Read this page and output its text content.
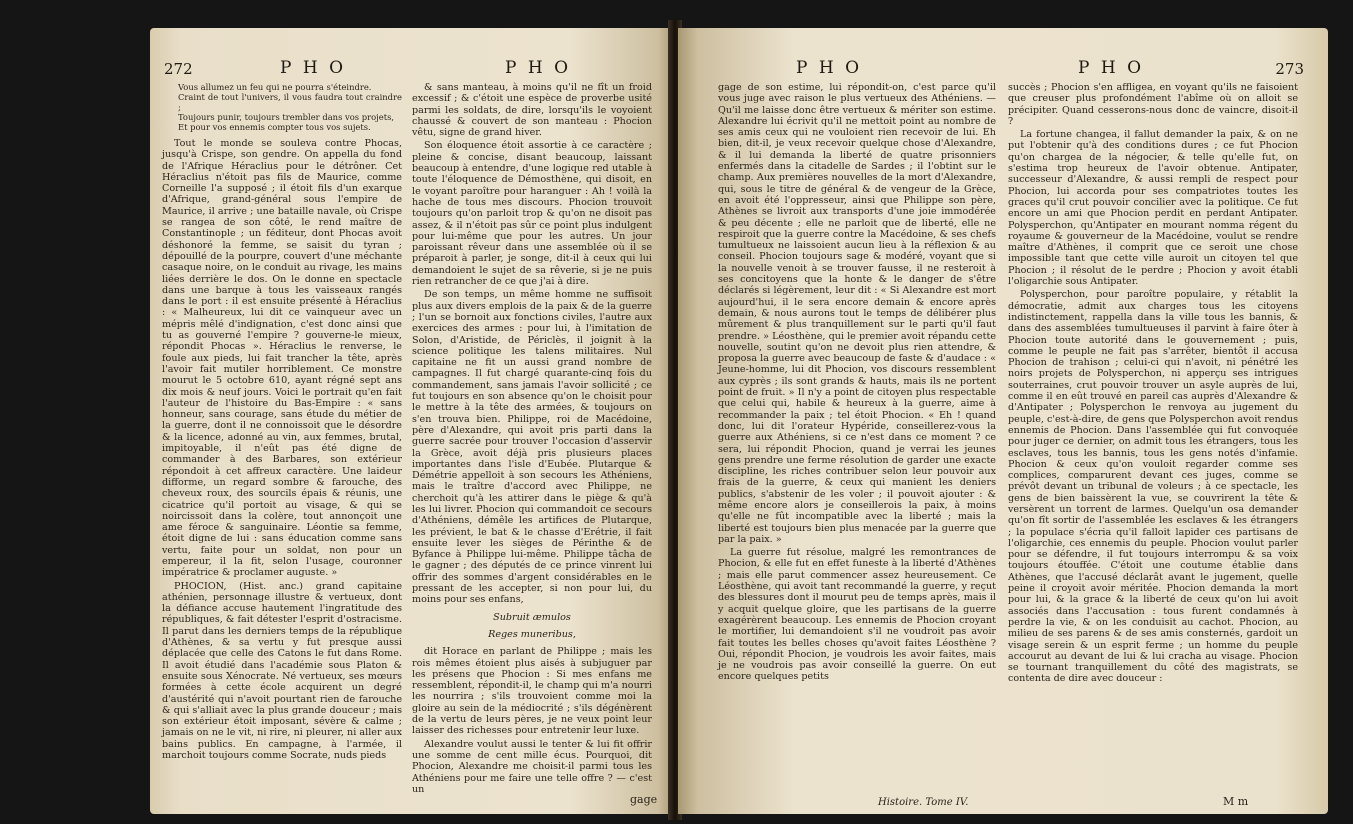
272	P H O	P H O

Vous allumez un feu qui ne pourra s'éteindre.

Craint de tout l'univers, il vous faudra tout craindre ;

Toujours punir, toujours trembler dans vos projets,

Et pour vos ennemis compter tous vos sujets.

Tout le monde se souleva contre Phocas, jusqu'à Crispe, son gendre. On appella du fond de l'Afrique Héraclius pour le détrôner. Cet Héraclius n'étoit pas fils de Maurice, comme Corneille l'a supposé ; il étoit fils d'un exarque d'Afrique, grand-général sous l'empire de Maurice, il arrive ; une bataille navale, où Crispe se rangea de son côté, le rend maître de Constantinople ; un féditeur, dont Phocas avoit déshonoré la femme, se saisit du tyran ; dépouillé de la pourpre, couvert d'une méchante casaque noire, on le conduit au rivage, les mains liées derrière le dos. On le donne en spectacle dans une barque à tous les vaisseaux rangés dans le port : il est ensuite présenté à Héraclius : « Malheureux, lui dit ce vainqueur avec un mépris mêlé d'indignation, c'est donc ainsi que tu as gouverné l'empire ? gouverne-le mieux, répondit Phocas ». Héraclius le renverse, le foule aux pieds, lui fait trancher la tête, après l'avoir fait mutiler horriblement. Ce monstre mourut le 5 octobre 610, ayant régné sept ans dix mois & neuf jours. Voici le portrait qu'en fait l'auteur de l'histoire du Bas-Empire : « sans honneur, sans courage, sans étude du métier de la guerre, dont il ne connoissoit que le désordre & la licence, adonné au vin, aux femmes, brutal, impitoyable, il n'eût pas été digne de commander à des Barbares, son extérieur répondoit à cet affreux caractère. Une laideur difforme, un regard sombre & farouche, des cheveux roux, des sourcils épais & réunis, une cicatrice qu'il portoit au visage, & qui se noircissoit dans la colère, tout annonçoit une ame féroce & sanguinaire. Léontie sa femme, étoit digne de lui : sans éducation comme sans vertu, faite pour un soldat, non pour un empereur, il la fit, selon l'usage, couronner impératrice & proclamer auguste. »

PHOCION, (Hist. anc.) grand capitaine athénien, personnage illustre & vertueux, dont la défiance accuse hautement l'ingratitude des républiques, & fait détester l'esprit d'ostracisme. Il parut dans les derniers temps de la république d'Athènes, & sa vertu y fut presque aussi déplacée que celle des Catons le fut dans Rome. Il avoit étudié dans l'académie sous Platon & ensuite sous Xénocrate. Né vertueux, ses mœurs formées à cette école acquirent un degré d'austérité qui n'avoit pourtant rien de farouche & qui s'alliait avec la plus grande douceur ; mais son extérieur étoit imposant, sévère & calme ; jamais on ne le vit, ni rire, ni pleurer, ni aller aux bains publics. En campagne, à l'armée, il marchoit toujours comme Socrate, nuds pieds

& sans manteau, à moins qu'il ne fît un froid excessif ; & c'étoit une espèce de proverbe usité parmi les soldats, de dire, lorsqu'ils le voyoient chaussé & couvert de son manteau : Phocion vêtu, signe de grand hiver.

Son éloquence étoit assortie à ce caractère ; pleine & concise, disant beaucoup, laissant beaucoup à entendre, d'une logique red utable à toute l'éloquence de Démosthène, qui disoit, en le voyant paroître pour haranguer : Ah ! voilà la hache de tous mes discours. Phocion trouvoit toujours qu'on parloit trop & qu'on ne disoit pas assez, & il n'étoit pas sûr ce point plus indulgent pour lui-même que pour les autres. Un jour paroissant rêveur dans une assemblée où il se préparoit à parler, je songe, dit-il à ceux qui lui demandoient le sujet de sa rêverie, si je ne puis rien retrancher de ce que j'ai à dire.

De son temps, un même homme ne suffisoit plus aux divers emplois de la paix & de la guerre ; l'un se bornoit aux fonctions civiles, l'autre aux exercices des armes : pour lui, à l'imitation de Solon, d'Aristide, de Périclès, il joignit à la science politique les talens militaires. Nul capitaine ne fit un aussi grand nombre de campagnes. Il fut chargé quarante-cinq fois du commandement, sans jamais l'avoir sollicité ; ce fut toujours en son absence qu'on le choisit pour le mettre à la tête des armées, & toujours on s'en trouva bien. Philippe, roi de Macédoine, père d'Alexandre, qui avoit pris parti dans la guerre sacrée pour trouver l'occasion d'asservir la Grèce, avoit déjà pris plusieurs places importantes dans l'isle d'Eubée. Plutarque & Démétrie appelloit à son secours les Athéniens, mais le traître d'accord avec Philippe, ne cherchoit qu'à les attirer dans le piège & qu'à les lui livrer. Phocion qui commandoit ce secours d'Athéniens, démêle les artifices de Plutarque, les prévient, le bat & le chasse d'Erétrie, il fait ensuite lever les sièges de Périnthe & de Byfance à Philippe lui-même. Philippe tâcha de le gagner ; des députés de ce prince vinrent lui offrir des sommes d'argent considérables en le pressant de les accepter, si non pour lui, du moins pour ses enfans,

Subruit æmulos

Reges muneribus,

dit Horace en parlant de Philippe ; mais les rois mêmes étoient plus aisés à subjuguer par les présens que Phocion : Si mes enfans me ressemblent, répondit-il, le champ qui m'a nourri les nourrira ; s'ils trouvoient comme moi la gloire au sein de la médiocrité ; s'ils dégénèrent de la vertu de leurs pères, je ne veux point leur laisser des richesses pour entretenir leur luxe.

Alexandre voulut aussi le tenter & lui fit offrir une somme de cent mille écus. Pourquoi, dit Phocion, Alexandre me choisit-il parmi tous les Athéniens pour me faire une telle offre ? — c'est un

gage
P H O	P H O	273

gage de son estime, lui répondit-on, c'est parce qu'il vous juge avec raison le plus vertueux des Athéniens. — Qu'il me laisse donc être vertueux & mériter son estime. Alexandre lui écrivit qu'il ne mettoit point au nombre de ses amis ceux qui ne vouloient rien recevoir de lui. Eh bien, dit-il, je veux recevoir quelque chose d'Alexandre, & il lui demanda la liberté de quatre prisonniers enfermés dans la citadelle de Sardes ; il l'obtint sur le champ. Aux premières nouvelles de la mort d'Alexandre, qui, sous le titre de général & de vengeur de la Grèce, en avoit été l'oppresseur, ainsi que Philippe son père, Athènes se livroit aux transports d'une joie immodérée & peu décente ; elle ne parloit que de liberté, elle ne respiroit que la guerre contre la Macédoine, & ses chefs tumultueux ne laissoient aucun lieu à la réflexion & au conseil. Phocion toujours sage & modéré, voyant que si la nouvelle venoit à se trouver fausse, il ne resteroit à ses concitoyens que la honte & le danger de s'être déclarés si légèrement, leur dit : « Si Alexandre est mort aujourd'hui, il le sera encore demain & encore après demain, & nous aurons tout le temps de délibérer plus mûrement & plus tranquillement sur le parti qu'il faut prendre. » Léosthène, qui le premier avoit répandu cette nouvelle, soutint qu'on ne devoit plus rien attendre, & proposa la guerre avec beaucoup de faste & d'audace : « Jeune-homme, lui dit Phocion, vos discours ressemblent aux cyprès ; ils sont grands & hauts, mais ils ne portent point de fruit. » Il n'y a point de citoyen plus respectable que celui qui, habile & heureux à la guerre, aime à recommander la paix ; tel étoit Phocion. « Eh ! quand donc, lui dit l'orateur Hypéride, conseillerez-vous la guerre aux Athéniens, si ce n'est dans ce moment ? ce sera, lui répondit Phocion, quand je verrai les jeunes gens prendre une ferme résolution de garder une exacte discipline, les riches contribuer selon leur pouvoir aux frais de la guerre, & ceux qui manient les deniers publics, s'abstenir de les voler ; il pouvoit ajouter : & même encore alors je conseillerois la paix, à moins qu'elle ne fût incompatible avec la liberté ; mais la liberté est toujours bien plus menacée par la guerre que par la paix. »

La guerre fut résolue, malgré les remontrances de Phocion, & elle fut en effet funeste à la liberté d'Athènes ; mais elle parut commencer assez heureusement. Ce Léosthène, qui avoit tant recommandé la guerre, y reçut des blessures dont il mourut peu de temps après, mais il y acquit quelque gloire, que les partisans de la guerre exagérèrent beaucoup. Les ennemis de Phocion croyant le mortifier, lui demandoient s'il ne voudroit pas avoir fait toutes les belles choses qu'avoit faites Léosthène ? Oui, répondit Phocion, je voudrois les avoir faites, mais je ne voudrois pas avoir conseillé la guerre. On eut encore quelques petits

Histoire. Tome IV.

succès ; Phocion s'en affligea, en voyant qu'ils ne faisoient que creuser plus profondément l'abîme où on alloit se précipiter. Quand cesserons-nous donc de vaincre, disoit-il ?

La fortune changea, il fallut demander la paix, & on ne put l'obtenir qu'à des conditions dures ; ce fut Phocion qu'on chargea de la négocier, & telle qu'elle fut, on s'estima trop heureux de l'avoir obtenue. Antipater, successeur d'Alexandre, & aussi rempli de respect pour Phocion, lui accorda pour ses compatriotes toutes les graces qu'il crut pouvoir concilier avec la politique. Ce fut encore un ami que Phocion perdit en perdant Antipater. Polysperchon, qu'Antipater en mourant nomma régent du royaume & gouverneur de la Macédoine, voulut se rendre maître d'Athènes, il comprit que ce seroit une chose impossible tant que cette ville auroit un citoyen tel que Phocion ; il résolut de le perdre ; Phocion y avoit établi l'oligarchie sous Antipater.

Polysperchon, pour paroître populaire, y rétablit la démocratie, admit aux charges tous les citoyens indistinctement, rappella dans la ville tous les bannis, & dans des assemblées tumultueuses il parvint à faire ôter à Phocion toute autorité dans le gouvernement ; puis, comme le peuple ne fait pas s'arrêter, bientôt il accusa Phocion de trahison ; celui-ci qui n'avoit, ni pénétré les noirs projets de Polysperchon, ni apperçu ses intrigues souterraines, crut pouvoir trouver un asyle auprès de lui, comme il en eût trouvé en pareil cas auprès d'Alexandre & d'Antipater ; Polysperchon le renvoya au jugement du peuple, c'est-à-dire, de gens que Polysperchon avoit rendus ennemis de Phocion. Dans l'assemblée qui fut convoquée pour juger ce dernier, on admit tous les étrangers, tous les esclaves, tous les bannis, tous les gens notés d'infamie. Phocion & ceux qu'on vouloit regarder comme ses complices, comparurent devant ces juges, comme se prévôt devant un tribunal de voleurs ; à ce spectacle, les gens de bien baissèrent la vue, se couvrirent la tête & versèrent un torrent de larmes. Quelqu'un osa demander qu'on fît sortir de l'assemblée les esclaves & les étrangers ; la populace s'écria qu'il falloit lapider ces partisans de l'oligarchie, ces ennemis du peuple. Phocion voulut parler pour se défendre, il fut toujours interrompu & sa voix toujours étouffée. C'étoit une coutume établie dans Athènes, que l'accusé déclarât avant le jugement, quelle peine il croyoit avoir méritée. Phocion demanda la mort pour lui, & la grace & la liberté de ceux qu'on lui avoit associés dans l'accusation : tous furent condamnés à perdre la vie, & on les conduisit au cachot. Phocion, au milieu de ses parens & de ses amis consternés, gardoit un visage serein & un esprit ferme ; un homme du peuple accourut au devant de lui & lui cracha au visage. Phocion se tournant tranquillement du côté des magistrats, se contenta de dire avec douceur :

M m
